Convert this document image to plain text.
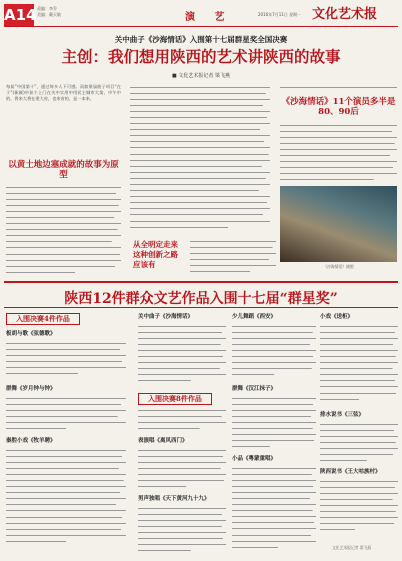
A14 责编：李乔
美编：戴天敏	演 艺	2016年7月11日 星期一 文化艺术报
关中曲子《沙海情话》入围第十七届群星奖全国决赛
主创：我们想用陕西的艺术讲陕西的故事
■ 文化艺术报记者 梁飞燕
每届“中国第十”，通过每多人下可感。而如果届曲子项目“在于”(新颜)中获个上门在关中实用中用民主城市大第，中午中的。将来大将在建大省，也来省的，是一本来。
以黄土地边塞成就的故事为原型
《沙海情话》11个演员多半是80、90后
《沙海情话》剧照
从全明定走来
这种创新之路
应该有
陕西12件群众文艺作品入围十七届“群星奖”
入围决赛4件作品
入围决赛8件作品
板胡与歌《弦德歌》
群舞《岁月钟与钟》
秦腔小戏《牧羊聘》
关中曲子《沙海情话》
表演唱《离风西门》
男声独唱《天下黄河九十九》
少儿舞蹈《西安》
群舞《汉江抹子》
小品《粤蒙重唱》
小戏《送柜》
排水说书《三弦》
陕西说书《王大咕族村》
文化艺术报记者 梁飞燕
